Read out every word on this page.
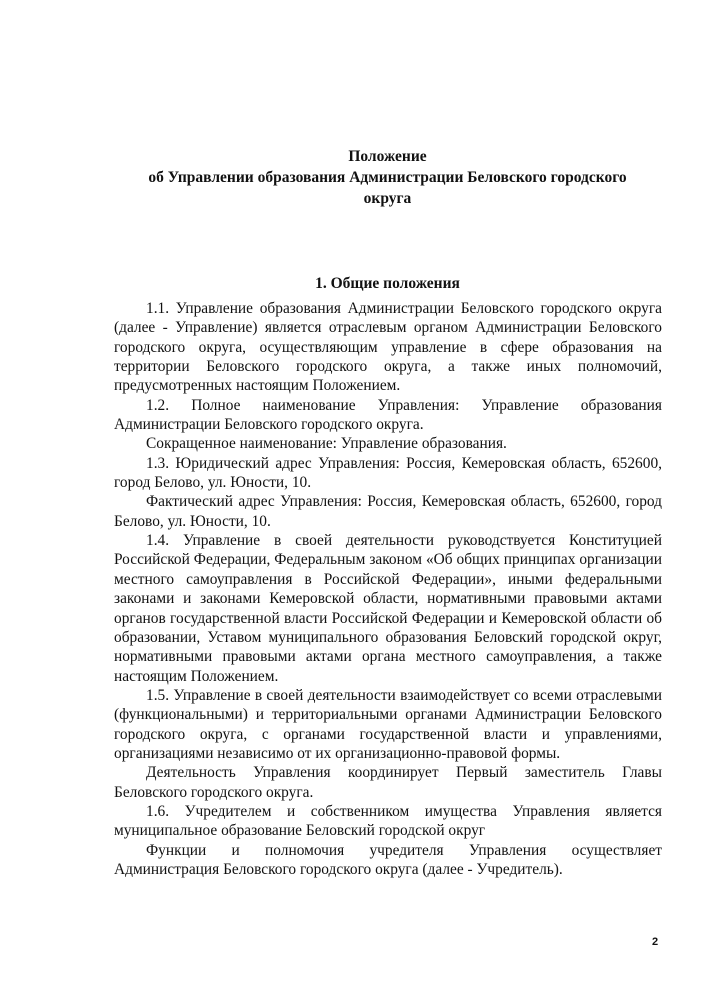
Положение
об Управлении образования Администрации Беловского городского
округа
1. Общие положения

1.1. Управление образования Администрации Беловского городского округа (далее - Управление) является отраслевым органом Администрации Беловского городского округа, осуществляющим управление в сфере образования на территории Беловского городского округа, а также иных полномочий, предусмотренных настоящим Положением.

1.2. Полное наименование Управления: Управление образования Администрации Беловского городского округа.

Сокращенное наименование: Управление образования.

1.3. Юридический адрес Управления: Россия, Кемеровская область, 652600, город Белово, ул. Юности, 10.

Фактический адрес Управления: Россия, Кемеровская область, 652600, город Белово, ул. Юности, 10.

1.4. Управление в своей деятельности руководствуется Конституцией Российской Федерации, Федеральным законом «Об общих принципах организации местного самоуправления в Российской Федерации», иными федеральными законами и законами Кемеровской области, нормативными правовыми актами органов государственной власти Российской Федерации и Кемеровской области об образовании, Уставом муниципального образования Беловский городской округ, нормативными правовыми актами органа местного самоуправления, а также настоящим Положением.

1.5. Управление в своей деятельности взаимодействует со всеми отраслевыми (функциональными) и территориальными органами Администрации Беловского городского округа, с органами государственной власти и управлениями, организациями независимо от их организационно-правовой формы.

Деятельность Управления координирует Первый заместитель Главы Беловского городского округа.

1.6. Учредителем и собственником имущества Управления является муниципальное образование Беловский городской округ

Функции и полномочия учредителя Управления осуществляет Администрация Беловского городского округа (далее - Учредитель).

2
